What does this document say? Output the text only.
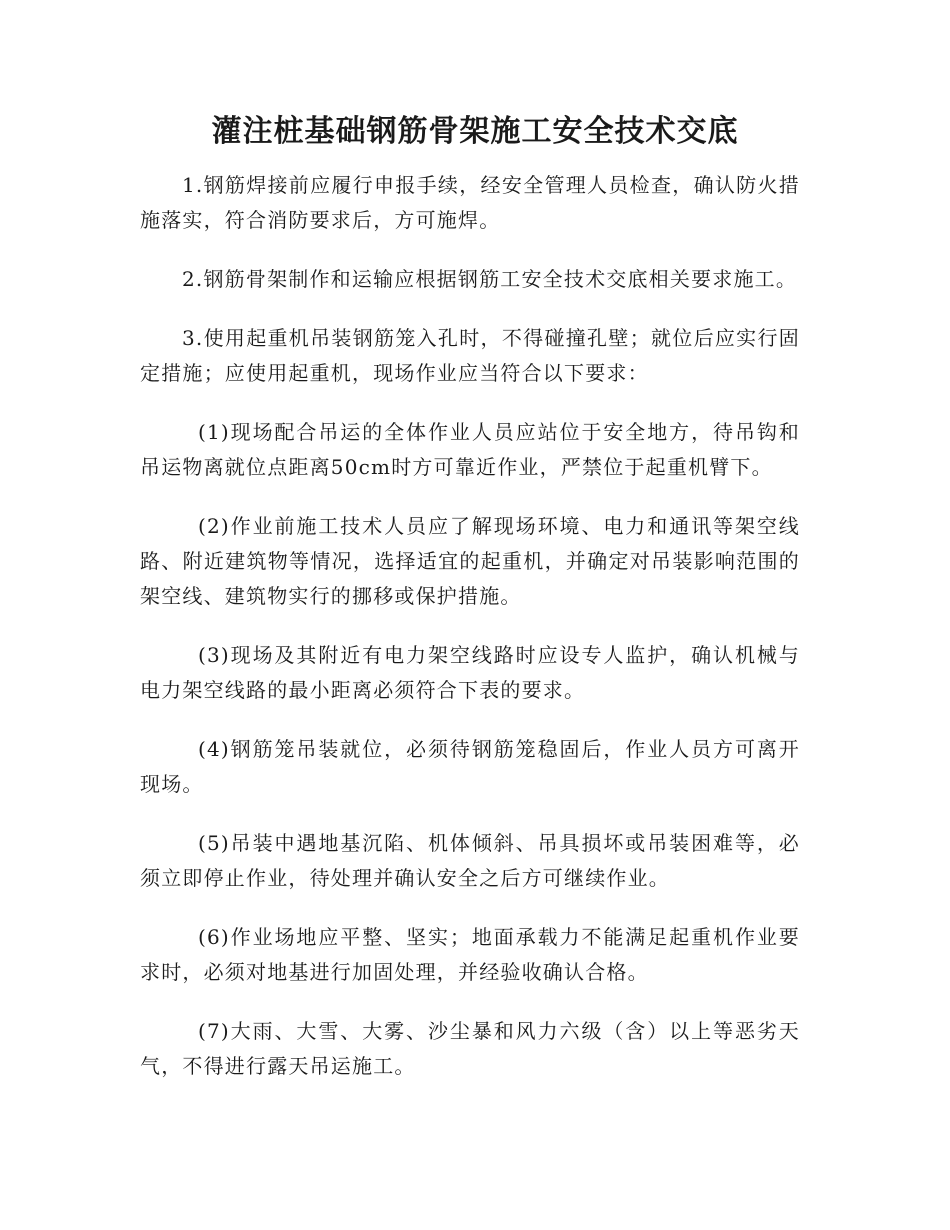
灌注桩基础钢筋骨架施工安全技术交底

1.钢筋焊接前应履行申报手续，经安全管理人员检查，确认防火措施落实，符合消防要求后，方可施焊。

2.钢筋骨架制作和运输应根据钢筋工安全技术交底相关要求施工。

3.使用起重机吊装钢筋笼入孔时，不得碰撞孔壁；就位后应实行固定措施；应使用起重机，现场作业应当符合以下要求：

(1)现场配合吊运的全体作业人员应站位于安全地方，待吊钩和吊运物离就位点距离50cm时方可靠近作业，严禁位于起重机臂下。

(2)作业前施工技术人员应了解现场环境、电力和通讯等架空线路、附近建筑物等情况，选择适宜的起重机，并确定对吊装影响范围的架空线、建筑物实行的挪移或保护措施。

(3)现场及其附近有电力架空线路时应设专人监护，确认机械与电力架空线路的最小距离必须符合下表的要求。

(4)钢筋笼吊装就位，必须待钢筋笼稳固后，作业人员方可离开现场。

(5)吊装中遇地基沉陷、机体倾斜、吊具损坏或吊装困难等，必须立即停止作业，待处理并确认安全之后方可继续作业。

(6)作业场地应平整、坚实；地面承载力不能满足起重机作业要求时，必须对地基进行加固处理，并经验收确认合格。

(7)大雨、大雪、大雾、沙尘暴和风力六级（含）以上等恶劣天气，不得进行露天吊运施工。
